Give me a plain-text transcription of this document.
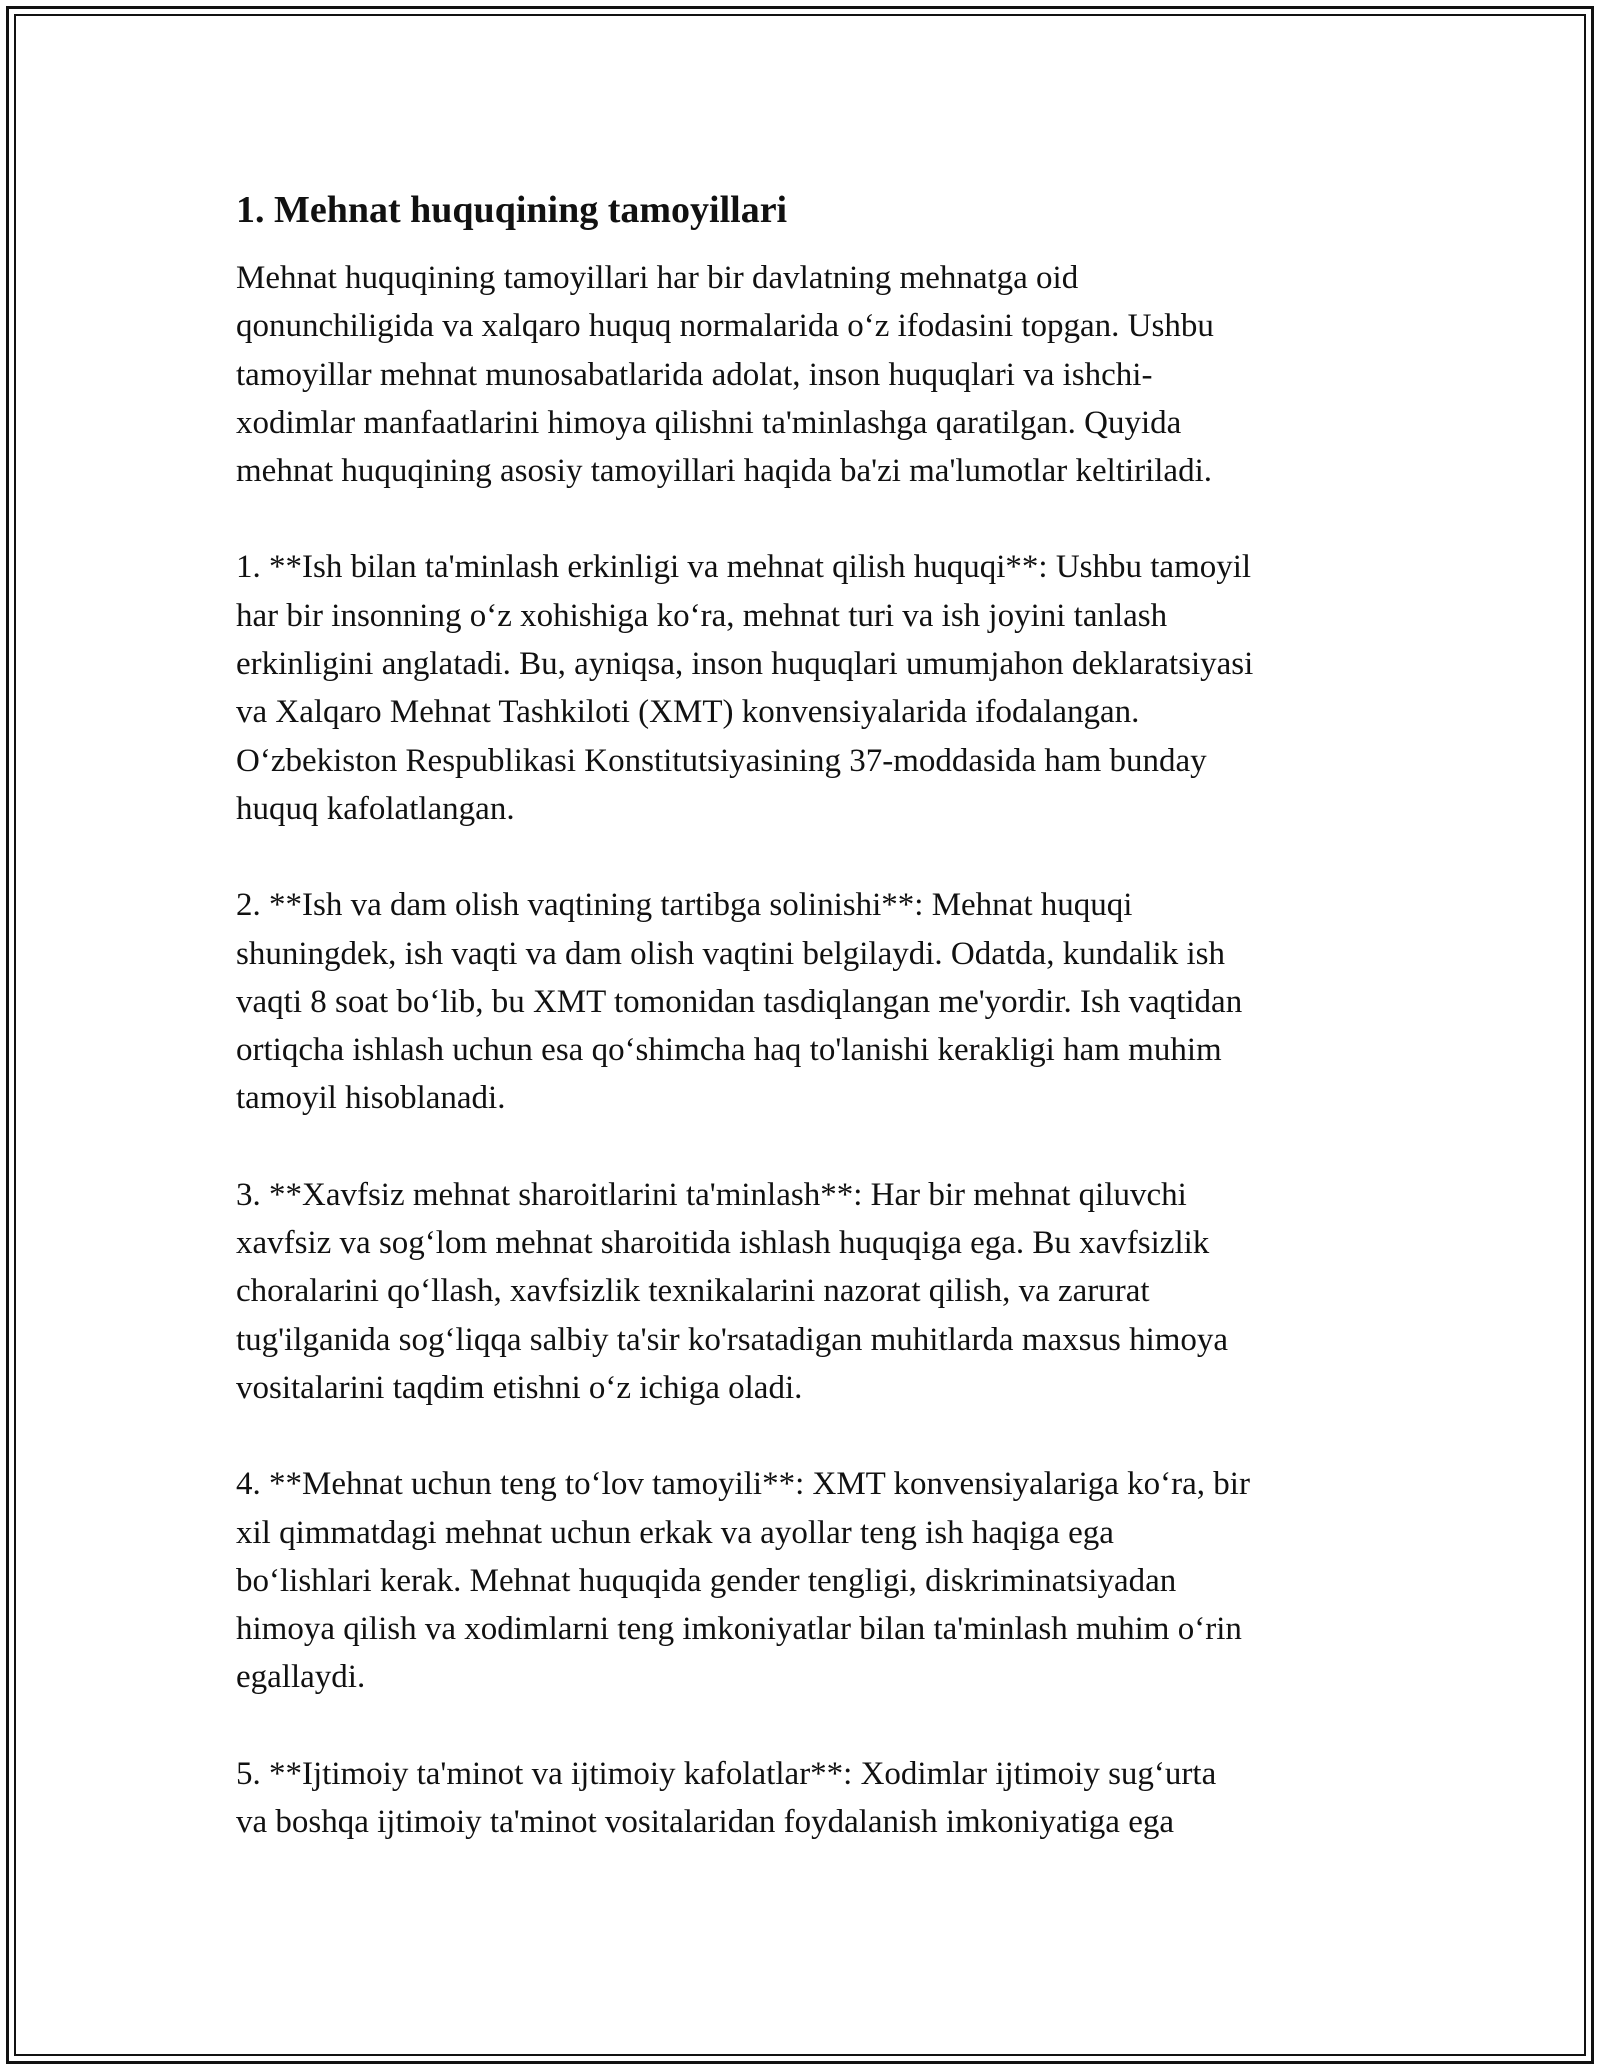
1. Mehnat huquqining tamoyillari

Mehnat huquqining tamoyillari har bir davlatning mehnatga oid
qonunchiligida va xalqaro huquq normalarida o‘z ifodasini topgan. Ushbu
tamoyillar mehnat munosabatlarida adolat, inson huquqlari va ishchi-
xodimlar manfaatlarini himoya qilishni ta'minlashga qaratilgan. Quyida
mehnat huquqining asosiy tamoyillari haqida ba'zi ma'lumotlar keltiriladi.

1. **Ish bilan ta'minlash erkinligi va mehnat qilish huquqi**: Ushbu tamoyil
har bir insonning o‘z xohishiga ko‘ra, mehnat turi va ish joyini tanlash
erkinligini anglatadi. Bu, ayniqsa, inson huquqlari umumjahon deklaratsiyasi
va Xalqaro Mehnat Tashkiloti (XMT) konvensiyalarida ifodalangan.
O‘zbekiston Respublikasi Konstitutsiyasining 37-moddasida ham bunday
huquq kafolatlangan.

2. **Ish va dam olish vaqtining tartibga solinishi**: Mehnat huquqi
shuningdek, ish vaqti va dam olish vaqtini belgilaydi. Odatda, kundalik ish
vaqti 8 soat bo‘lib, bu XMT tomonidan tasdiqlangan me'yordir. Ish vaqtidan
ortiqcha ishlash uchun esa qo‘shimcha haq to'lanishi kerakligi ham muhim
tamoyil hisoblanadi.

3. **Xavfsiz mehnat sharoitlarini ta'minlash**: Har bir mehnat qiluvchi
xavfsiz va sog‘lom mehnat sharoitida ishlash huquqiga ega. Bu xavfsizlik
choralarini qo‘llash, xavfsizlik texnikalarini nazorat qilish, va zarurat
tug'ilganida sog‘liqqa salbiy ta'sir ko'rsatadigan muhitlarda maxsus himoya
vositalarini taqdim etishni o‘z ichiga oladi.

4. **Mehnat uchun teng to‘lov tamoyili**: XMT konvensiyalariga ko‘ra, bir
xil qimmatdagi mehnat uchun erkak va ayollar teng ish haqiga ega
bo‘lishlari kerak. Mehnat huquqida gender tengligi, diskriminatsiyadan
himoya qilish va xodimlarni teng imkoniyatlar bilan ta'minlash muhim o‘rin
egallaydi.

5. **Ijtimoiy ta'minot va ijtimoiy kafolatlar**: Xodimlar ijtimoiy sug‘urta
va boshqa ijtimoiy ta'minot vositalaridan foydalanish imkoniyatiga ega
